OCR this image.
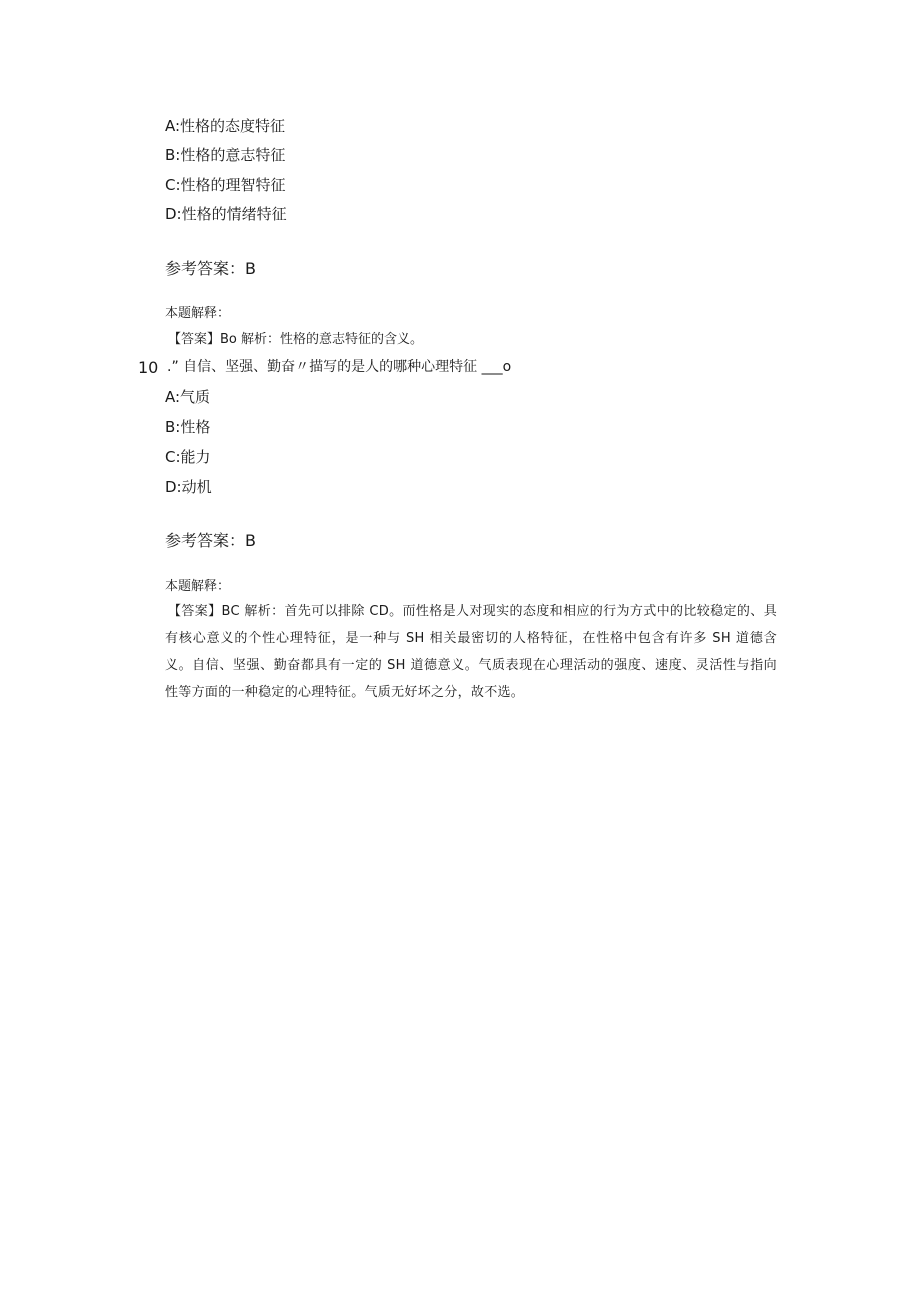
A:性格的态度特征
B:性格的意志特征
C:性格的理智特征
D:性格的情绪特征
参考答案：B
本题解释：
【答案】Bo 解析：性格的意志特征的含义。
10 .” 自信、坚强、勤奋〃描写的是人的哪种心理特征 ___o
A:气质
B:性格
C:能力
D:动机
参考答案：B
本题解释：
【答案】BC 解析：首先可以排除 CD。而性格是人对现实的态度和相应的行为方式中的比较稳定的、具有核心意义的个性心理特征，是一种与 SH 相关最密切的人格特征，在性格中包含有许多 SH 道德含义。自信、坚强、勤奋都具有一定的 SH 道德意义。气质表现在心理活动的强度、速度、灵活性与指向性等方面的一种稳定的心理特征。气质无好坏之分，故不选。
